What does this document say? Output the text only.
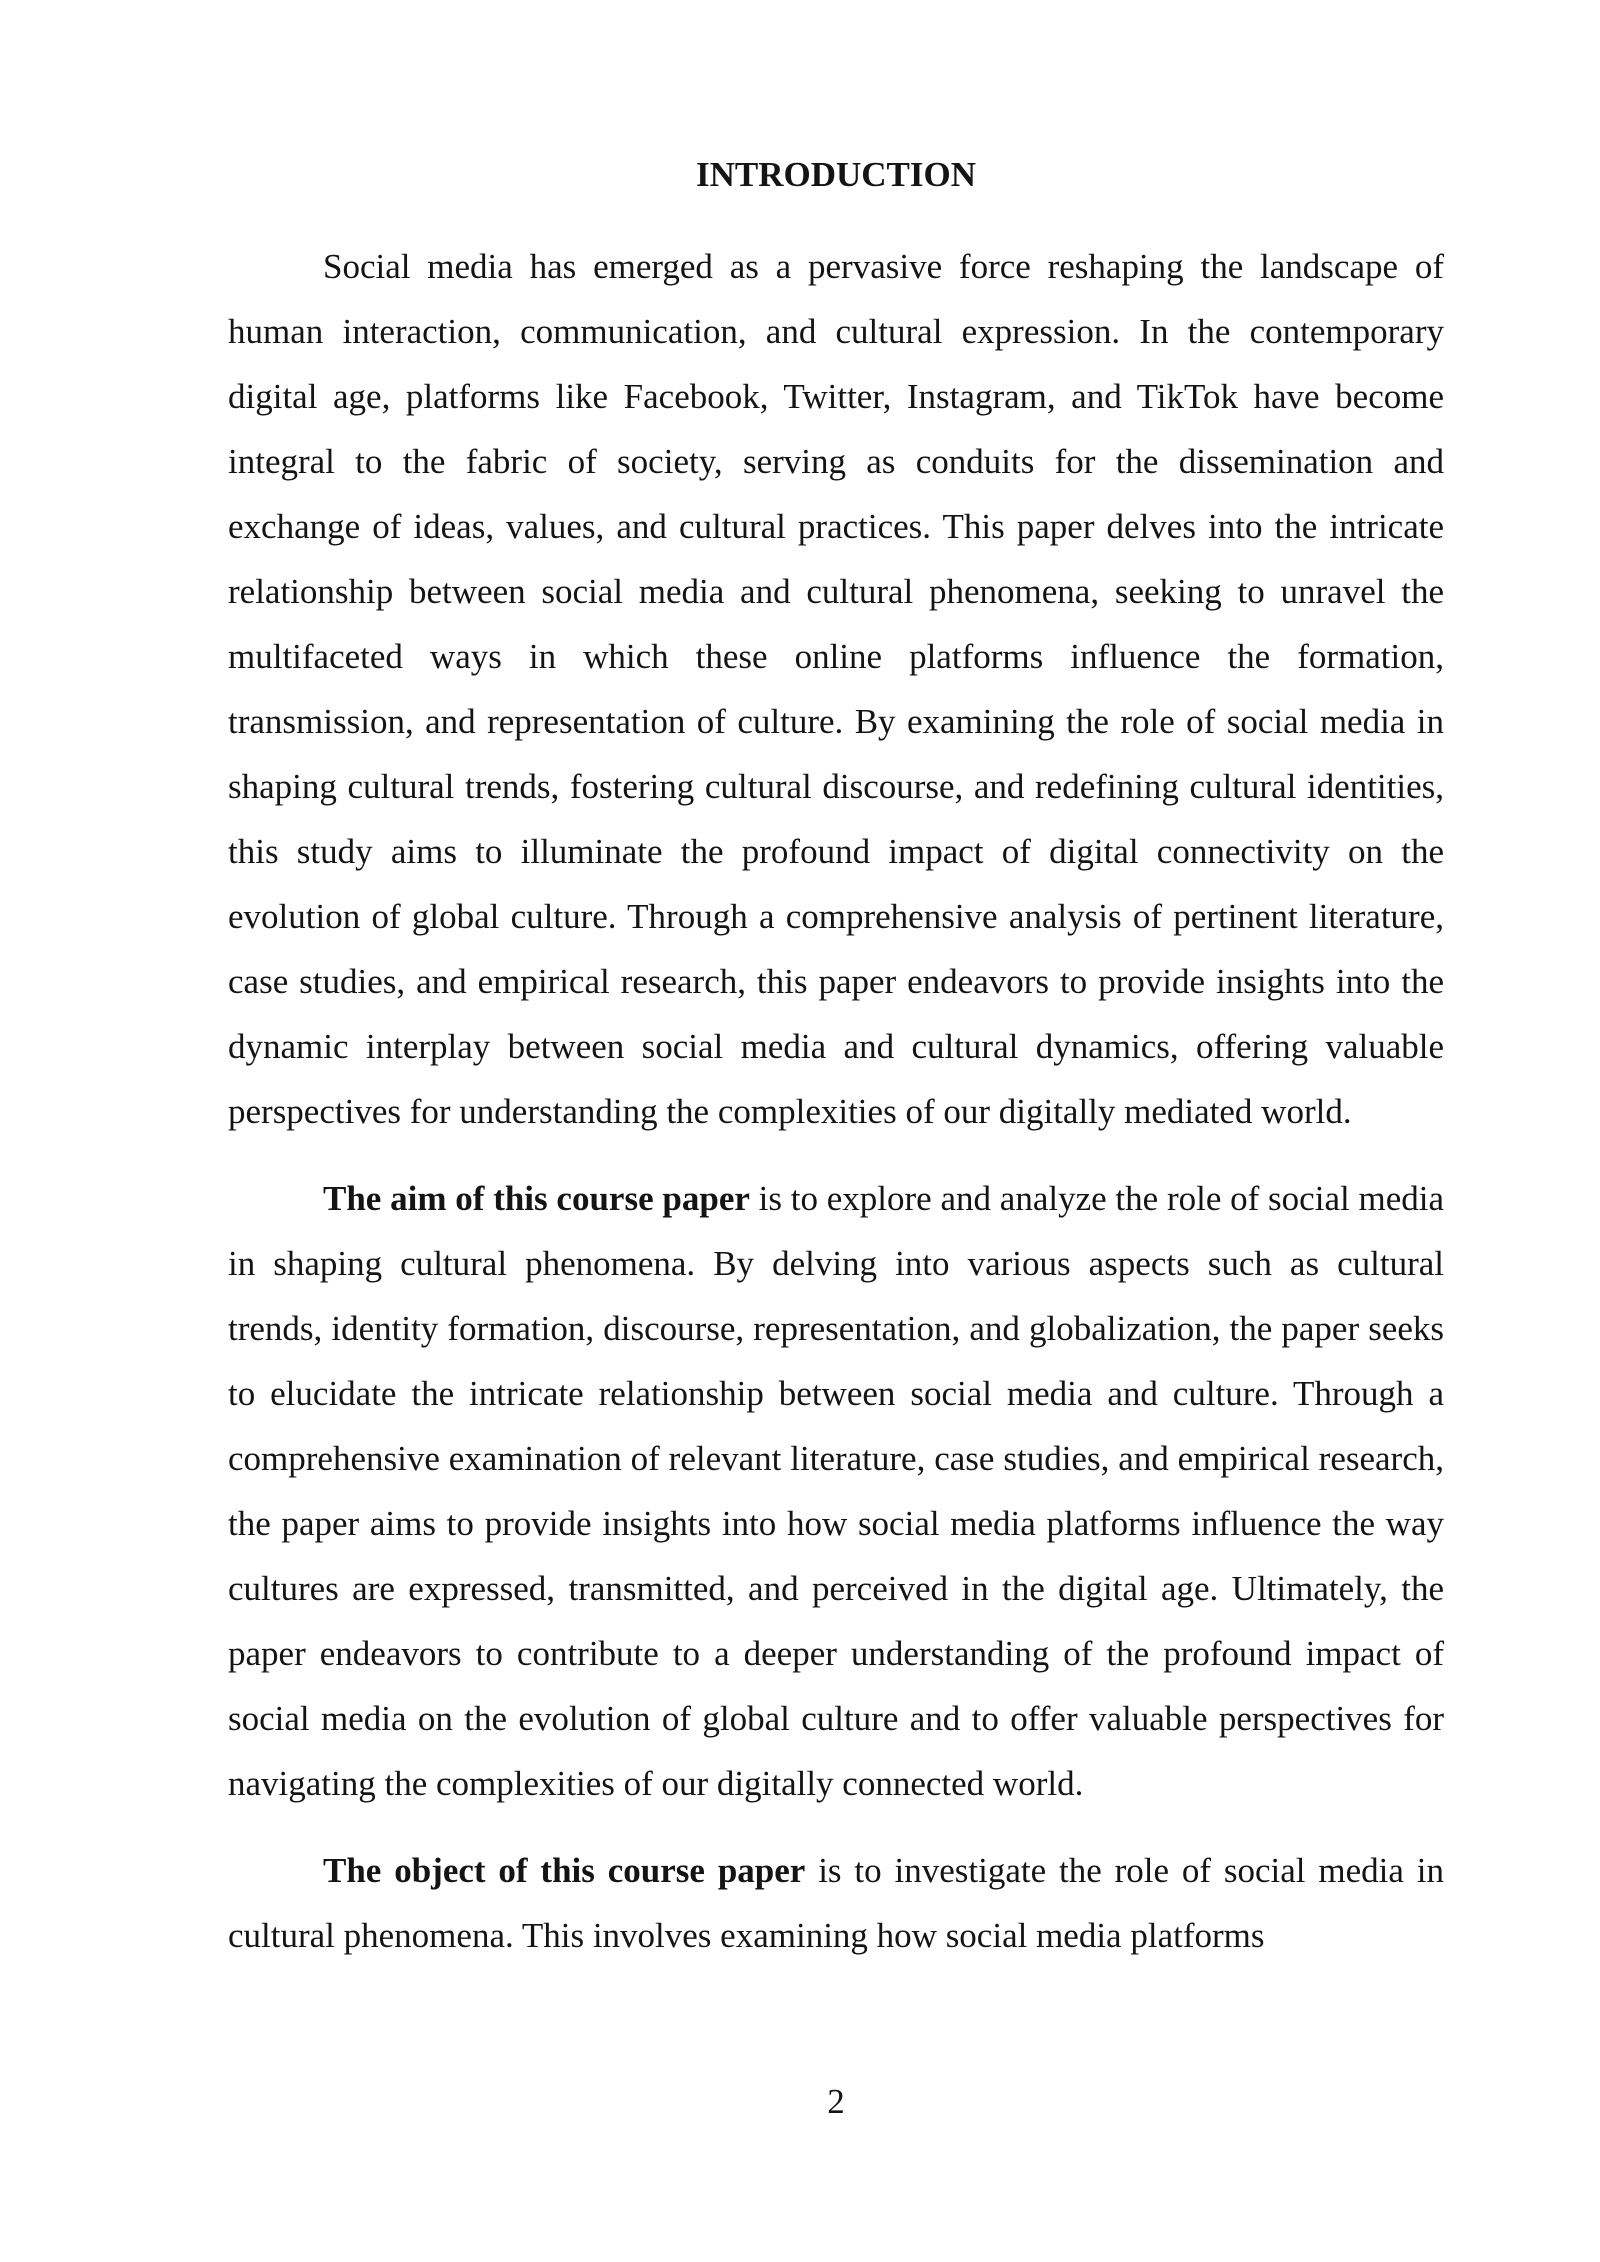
INTRODUCTION

Social media has emerged as a pervasive force reshaping the landscape of human interaction, communication, and cultural expression. In the contemporary digital age, platforms like Facebook, Twitter, Instagram, and TikTok have become integral to the fabric of society, serving as conduits for the dissemination and exchange of ideas, values, and cultural practices. This paper delves into the intricate relationship between social media and cultural phenomena, seeking to unravel the multifaceted ways in which these online platforms influence the formation, transmission, and representation of culture. By examining the role of social media in shaping cultural trends, fostering cultural discourse, and redefining cultural identities, this study aims to illuminate the profound impact of digital connectivity on the evolution of global culture. Through a comprehensive analysis of pertinent literature, case studies, and empirical research, this paper endeavors to provide insights into the dynamic interplay between social media and cultural dynamics, offering valuable perspectives for understanding the complexities of our digitally mediated world.

The aim of this course paper is to explore and analyze the role of social media in shaping cultural phenomena. By delving into various aspects such as cultural trends, identity formation, discourse, representation, and globalization, the paper seeks to elucidate the intricate relationship between social media and culture. Through a comprehensive examination of relevant literature, case studies, and empirical research, the paper aims to provide insights into how social media platforms influence the way cultures are expressed, transmitted, and perceived in the digital age. Ultimately, the paper endeavors to contribute to a deeper understanding of the profound impact of social media on the evolution of global culture and to offer valuable perspectives for navigating the complexities of our digitally connected world.

The object of this course paper is to investigate the role of social media in cultural phenomena. This involves examining how social media platforms

2
